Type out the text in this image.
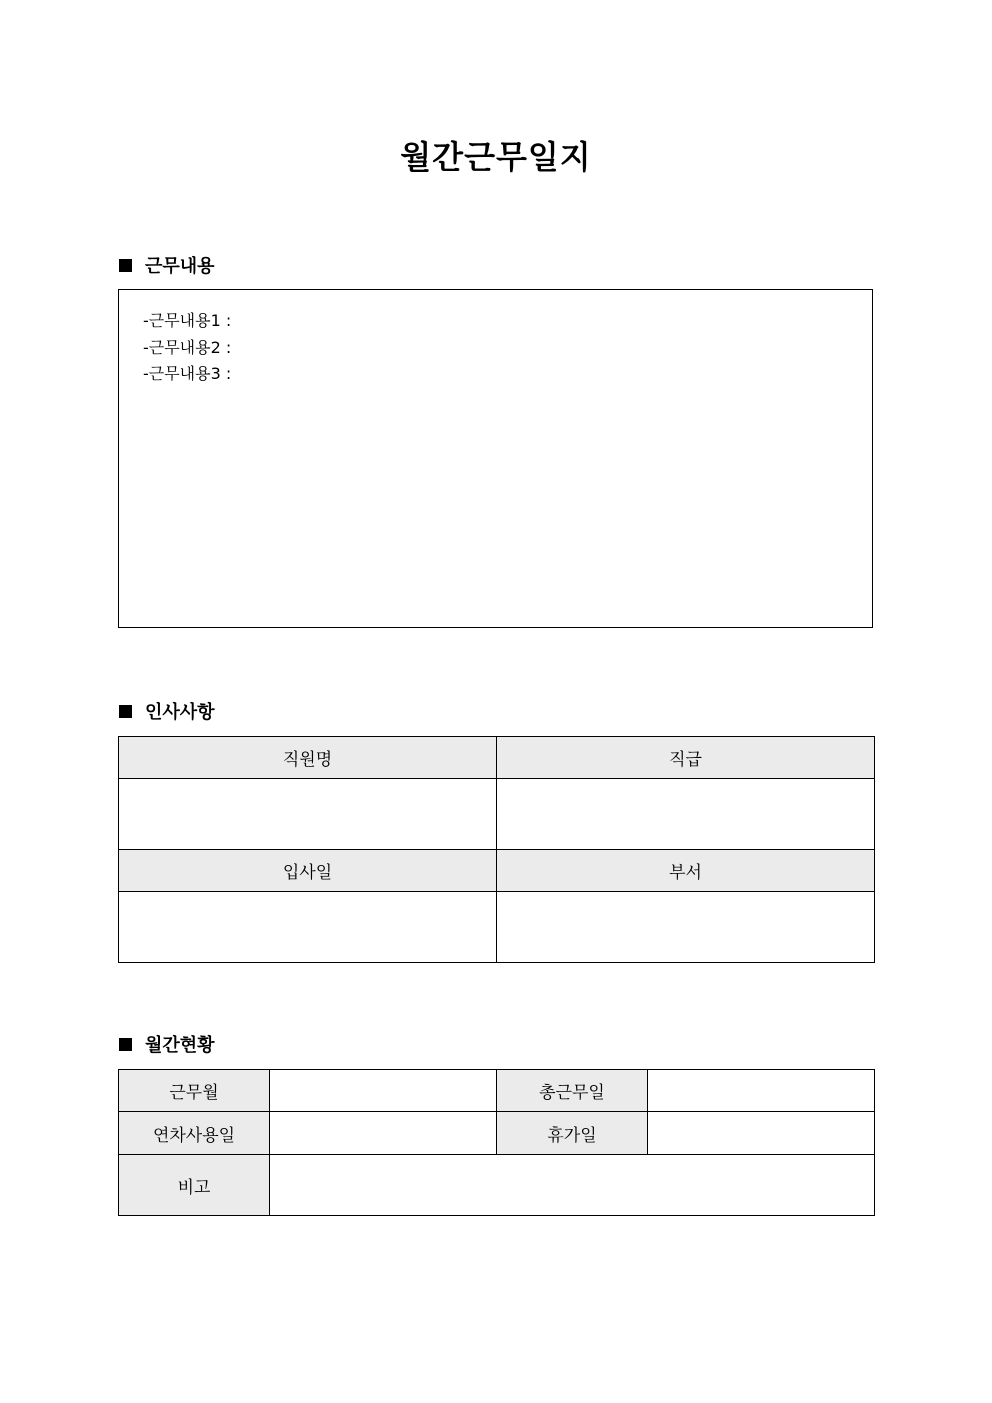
월간근무일지
근무내용
-근무내용1 :
-근무내용2 :
-근무내용3 :
인사사항
직원명	직급

입사일	부서

월간현황
근무월		총근무일	
연차사용일		휴가일	
비고			
